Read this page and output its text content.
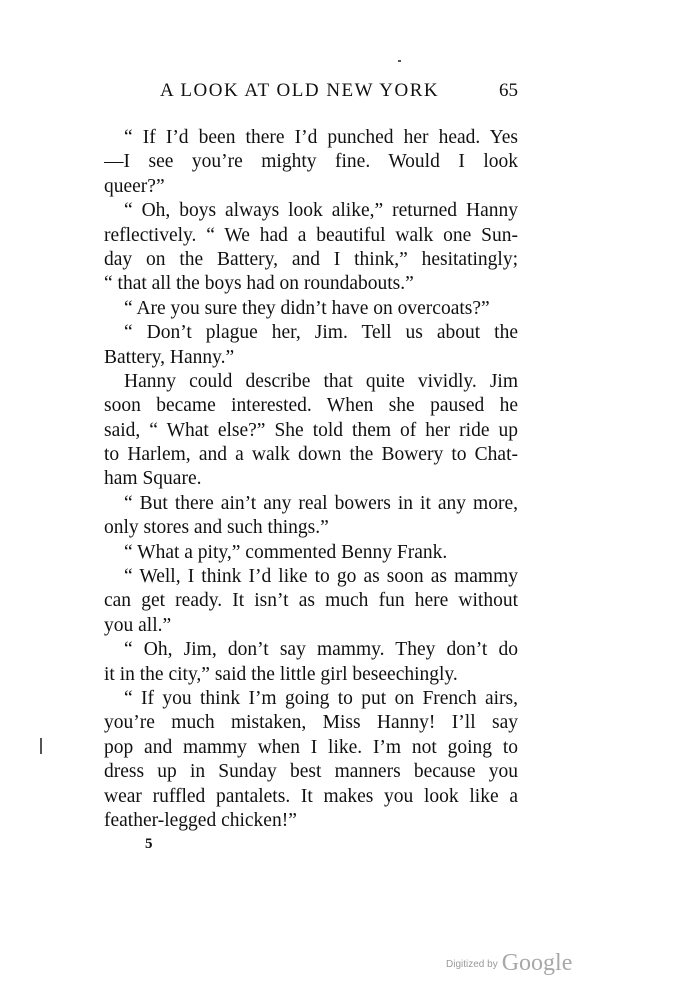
A LOOK AT OLD NEW YORK	65
“ If I’d been there I’d punched her head. Yes
—I see you’re mighty fine. Would I look
queer?”
“ Oh, boys always look alike,” returned Hanny
reflectively. “ We had a beautiful walk one Sun-
day on the Battery, and I think,” hesitatingly;
“ that all the boys had on roundabouts.”
“ Are you sure they didn’t have on overcoats?”
“ Don’t plague her, Jim. Tell us about the
Battery, Hanny.”
Hanny could describe that quite vividly. Jim
soon became interested. When she paused he
said, “ What else?” She told them of her ride up
to Harlem, and a walk down the Bowery to Chat-
ham Square.
“ But there ain’t any real bowers in it any more,
only stores and such things.”
“ What a pity,” commented Benny Frank.
“ Well, I think I’d like to go as soon as mammy
can get ready. It isn’t as much fun here without
you all.”
“ Oh, Jim, don’t say mammy. They don’t do
it in the city,” said the little girl beseechingly.
“ If you think I’m going to put on French airs,
you’re much mistaken, Miss Hanny! I’ll say
pop and mammy when I like. I’m not going to
dress up in Sunday best manners because you
wear ruffled pantalets. It makes you look like a
feather-legged chicken!”
5
Digitized by Google
